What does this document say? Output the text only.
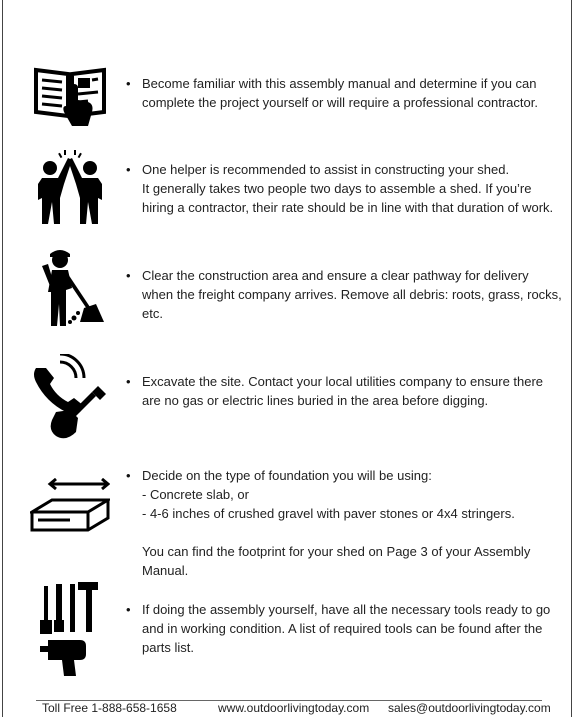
• Become familiar with this assembly manual and determine if you can complete the project yourself or will require a professional contractor.

• One helper is recommended to assist in constructing your shed.

It generally takes two people two days to assemble a shed. If you’re hiring a contractor, their rate should be in line with that duration of work.

• Clear the construction area and ensure a clear pathway for delivery when the freight company arrives. Remove all debris: roots, grass, rocks, etc.

• Excavate the site. Contact your local utilities company to ensure there are no gas or electric lines buried in the area before digging.

• Decide on the type of foundation you will be using:

- Concrete slab, or

- 4-6 inches of crushed gravel with paver stones or 4x4 stringers.

You can find the footprint for your shed on Page 3 of your Assembly Manual.

• If doing the assembly yourself, have all the necessary tools ready to go and in working condition. A list of required tools can be found after the parts list.

Toll Free 1-888-658-1658	www.outdoorlivingtoday.com sales@outdoorlivingtoday.com
